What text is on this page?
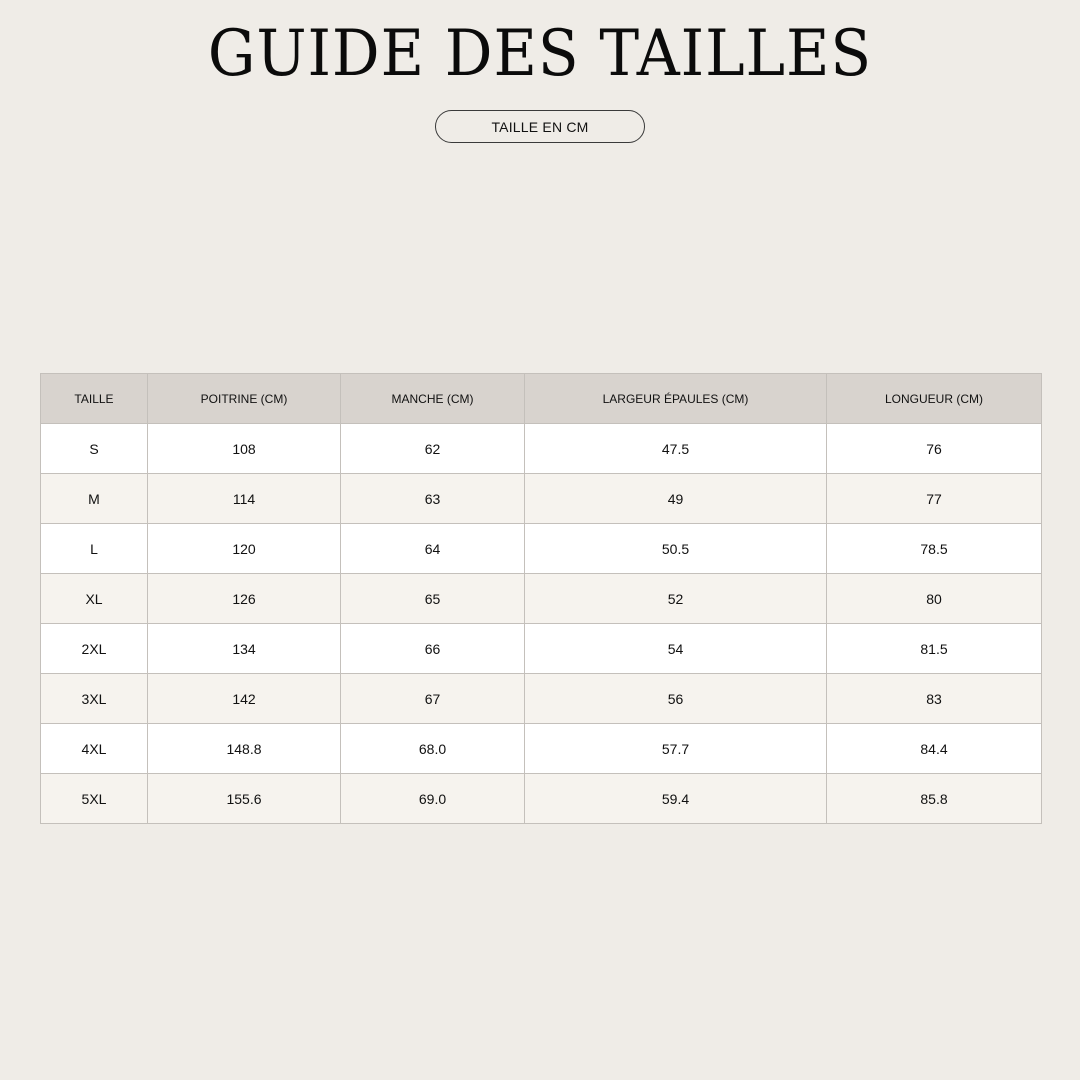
GUIDE DES TAILLES
TAILLE EN CM
TAILLE	POITRINE (CM)	MANCHE (CM)	LARGEUR ÉPAULES (CM)	LONGUEUR (CM)
S	108	62	47.5	76
M	114	63	49	77
L	120	64	50.5	78.5
XL	126	65	52	80
2XL	134	66	54	81.5
3XL	142	67	56	83
4XL	148.8	68.0	57.7	84.4
5XL	155.6	69.0	59.4	85.8
